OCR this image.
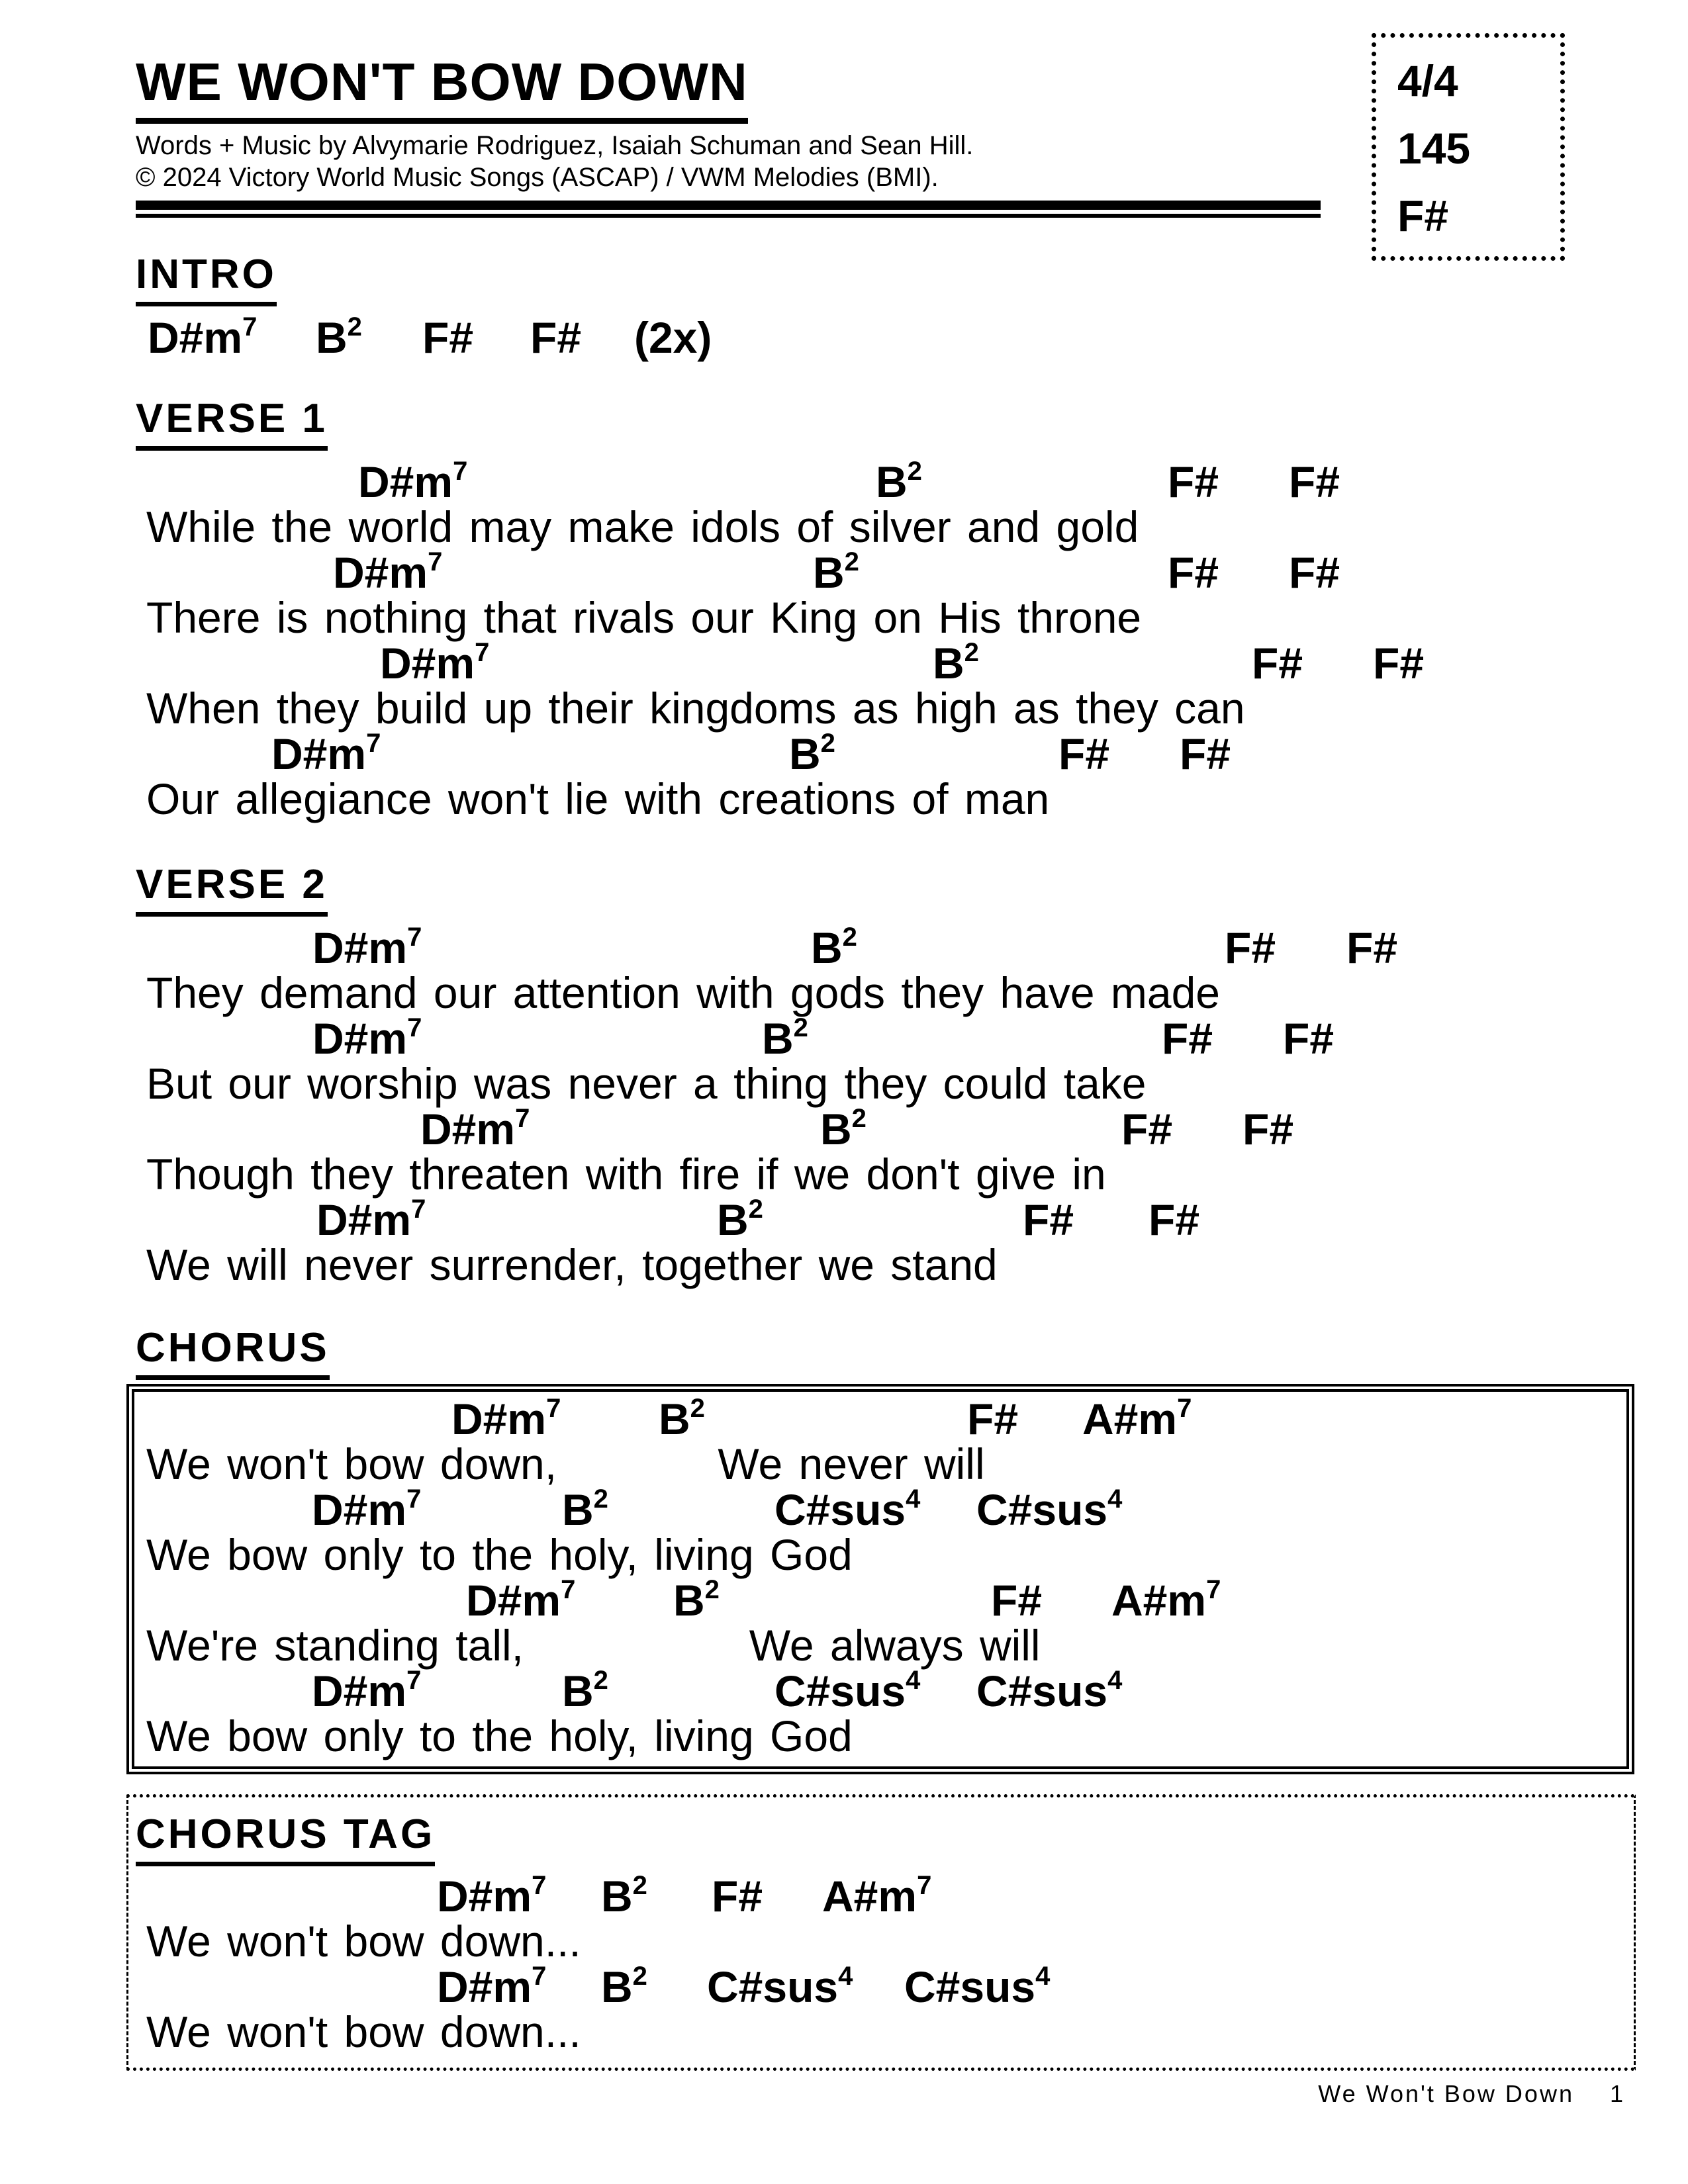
4/4
145
F#
WE WON'T BOW DOWN
Words + Music by Alvymarie Rodriguez, Isaiah Schuman and Sean Hill.
© 2024 Victory World Music Songs (ASCAP) / VWM Melodies (BMI).
INTRO
$D\#m^7$ $B^2$ F# F# (2x)
VERSE 1
$D\#m^7$	$B^2$	F# F#
While the world may make idols of silver and gold
$D\#m^7$	$B^2$	F# F#
There is nothing that rivals our King on His throne
$D\#m^7$	$B^2$	F# F#
When they build up their kingdoms as high as they can
$D\#m^7$	$B^2$	F# F#
Our allegiance won't lie with creations of man
VERSE 2
$D\#m^7$	$B^2$	F# F#
They demand our attention with gods they have made
$D\#m^7$	$B^2$	F# F#
But our worship was never a thing they could take
$D\#m^7$	$B^2$	F# F#
Though they threaten with fire if we don't give in
$D\#m^7$	$B^2$	F# F#
We will never surrender, together we stand
CHORUS
$D\#m^7$ $B^2$	F# $A\#m^7$
We won't bow down,          We never will
$D\#m^7$	$B^2$	C#sus$^4$ C#sus$^4$
We bow only to the holy, living God
$D\#m^7$ $B^2$	F# $A\#m^7$
We're standing tall,              We always will
$D\#m^7$	$B^2$	C#sus$^4$ C#sus$^4$
We bow only to the holy, living God
CHORUS TAG
$D\#m^7$ $B^2$ F# $A\#m^7$
We won't bow down...
$D\#m^7$ $B^2$ C#sus$^4$ C#sus$^4$
We won't bow down...
We Won't Bow Down 1
